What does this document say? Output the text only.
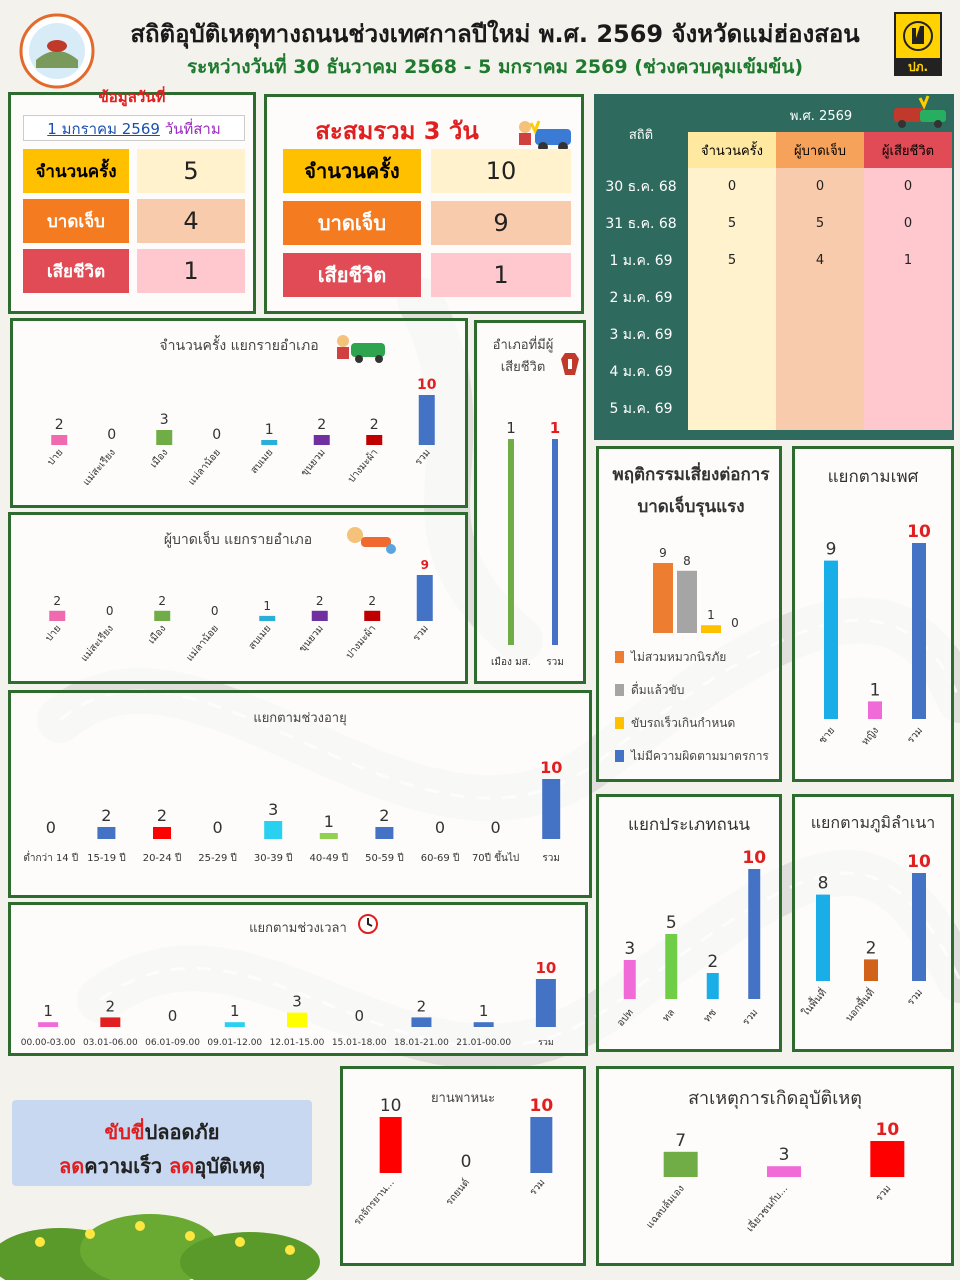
สถิติอุบัติเหตุทางถนนช่วงเทศกาลปีใหม่ พ.ศ. 2569 จังหวัดแม่ฮ่องสอน
ระหว่างวันที่ 30 ธันวาคม 2568 - 5 มกราคม 2569 (ช่วงควบคุมเข้มข้น)	ปภ.
ข้อมูลวันที่
1 มกราคม 2569 วันที่สาม
จำนวนครั้ง	5
บาดเจ็บ	4
เสียชีวิต	1
สะสมรวม 3 วัน
จำนวนครั้ง	10
บาดเจ็บ	9
เสียชีวิต	1
สถิติ
พ.ศ. 2569
จำนวนครั้ง	ผู้บาดเจ็บ	ผู้เสียชีวิต
30 ธ.ค. 68	0	0	0
31 ธ.ค. 68	5	5	0
1 ม.ค. 69	5	4	1
2 ม.ค. 69
3 ม.ค. 69
4 ม.ค. 69
5 ม.ค. 69
จำนวนครั้ง แยกรายอำเภอ
2
ปาย
0
แม่สะเรียง
3
เมือง
0
แม่ลาน้อย
1
สบเมย
2
ขุนยวม
2
ปางมะผ้า
10
รวม
ผู้บาดเจ็บ แยกรายอำเภอ
2
ปาย
0
แม่สะเรียง
2
เมือง
0
แม่ลาน้อย
1
สบเมย
2
ขุนยวม
2
ปางมะผ้า
9
รวม
อำเภอที่มีผู้เสียชีวิต
1
เมือง มส.
1
รวม
พฤติกรรมเสี่ยงต่อการบาดเจ็บรุนแรง
9
8
1
0
ไม่สวมหมวกนิรภัย
ดื่มแล้วขับ
ขับรถเร็วเกินกำหนด
ไม่มีความผิดตามมาตรการ
แยกตามเพศ
9
ชาย
1
หญิง
10
รวม
แยกตามช่วงอายุ
0
ต่ำกว่า 14 ปี
2
15-19 ปี
2
20-24 ปี
0
25-29 ปี
3
30-39 ปี
1
40-49 ปี
2
50-59 ปี
0
60-69 ปี
0
70ปี ขึ้นไป
10
รวม
แยกตามช่วงเวลา
1
00.00-03.00
2
03.01-06.00
0
06.01-09.00
1
09.01-12.00
3
12.01-15.00
0
15.01-18.00
2
18.01-21.00
1
21.01-00.00
10
รวม
แยกประเภทถนน
3
อปท
5
ทล
2
ทช
10
รวม
แยกตามภูมิลำเนา
8
ในพื้นที่
2
นอกพื้นที่
10
รวม
ยานพาหนะ
10
รถจักรยาน...
0
รถยนต์
10
รวม
สาเหตุการเกิดอุบัติเหตุ
7
แฉลบล้มเอง
3
เฉี่ยวชนกับ...
10
รวม
ขับขี่ปลอดภัย
ลดความเร็ว ลดอุบัติเหตุ
